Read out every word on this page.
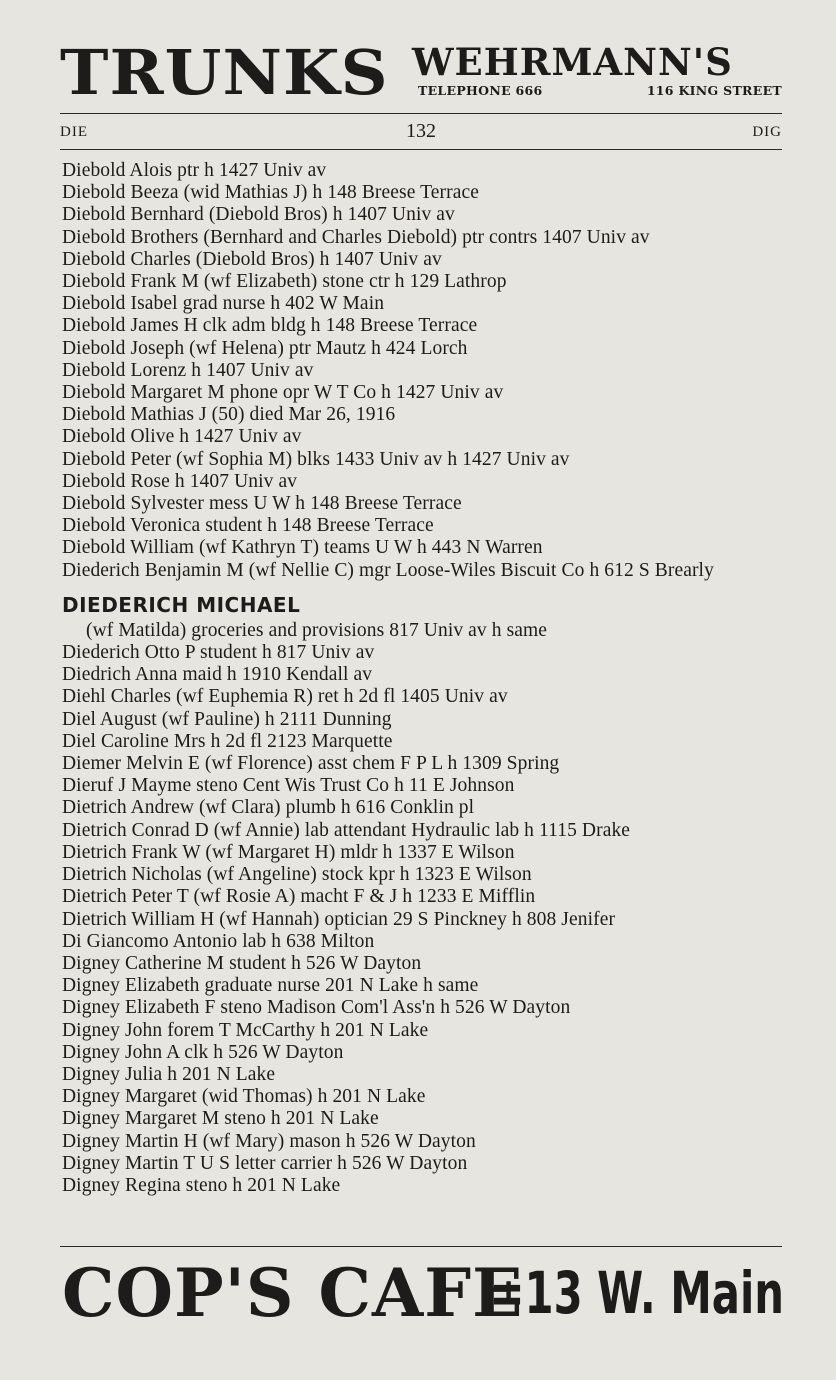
TRUNKS WEHRMANN'S
TELEPHONE 666	116 KING STREET
DIE	132	DIG
Diebold Alois ptr h 1427 Univ av
Diebold Beeza (wid Mathias J) h 148 Breese Terrace
Diebold Bernhard (Diebold Bros) h 1407 Univ av
Diebold Brothers (Bernhard and Charles Diebold) ptr contrs 1407 Univ av
Diebold Charles (Diebold Bros) h 1407 Univ av
Diebold Frank M (wf Elizabeth) stone ctr h 129 Lathrop
Diebold Isabel grad nurse h 402 W Main
Diebold James H clk adm bldg h 148 Breese Terrace
Diebold Joseph (wf Helena) ptr Mautz h 424 Lorch
Diebold Lorenz h 1407 Univ av
Diebold Margaret M phone opr W T Co h 1427 Univ av
Diebold Mathias J (50) died Mar 26, 1916
Diebold Olive h 1427 Univ av
Diebold Peter (wf Sophia M) blks 1433 Univ av h 1427 Univ av
Diebold Rose h 1407 Univ av
Diebold Sylvester mess U W h 148 Breese Terrace
Diebold Veronica student h 148 Breese Terrace
Diebold William (wf Kathryn T) teams U W h 443 N Warren
Diederich Benjamin M (wf Nellie C) mgr Loose-Wiles Biscuit Co h 612 S Brearly
DIEDERICH MICHAEL
(wf Matilda) groceries and provisions 817 Univ av h same
Diederich Otto P student h 817 Univ av
Diedrich Anna maid h 1910 Kendall av
Diehl Charles (wf Euphemia R) ret h 2d fl 1405 Univ av
Diel August (wf Pauline) h 2111 Dunning
Diel Caroline Mrs h 2d fl 2123 Marquette
Diemer Melvin E (wf Florence) asst chem F P L h 1309 Spring
Dieruf J Mayme steno Cent Wis Trust Co h 11 E Johnson
Dietrich Andrew (wf Clara) plumb h 616 Conklin pl
Dietrich Conrad D (wf Annie) lab attendant Hydraulic lab h 1115 Drake
Dietrich Frank W (wf Margaret H) mldr h 1337 E Wilson
Dietrich Nicholas (wf Angeline) stock kpr h 1323 E Wilson
Dietrich Peter T (wf Rosie A) macht F & J h 1233 E Mifflin
Dietrich William H (wf Hannah) optician 29 S Pinckney h 808 Jenifer
Di Giancomo Antonio lab h 638 Milton
Digney Catherine M student h 526 W Dayton
Digney Elizabeth graduate nurse 201 N Lake h same
Digney Elizabeth F steno Madison Com'l Ass'n h 526 W Dayton
Digney John forem T McCarthy h 201 N Lake
Digney John A clk h 526 W Dayton
Digney Julia h 201 N Lake
Digney Margaret (wid Thomas) h 201 N Lake
Digney Margaret M steno h 201 N Lake
Digney Martin H (wf Mary) mason h 526 W Dayton
Digney Martin T U S letter carrier h 526 W Dayton
Digney Regina steno h 201 N Lake
COP'S CAFE
=13 W. Main
